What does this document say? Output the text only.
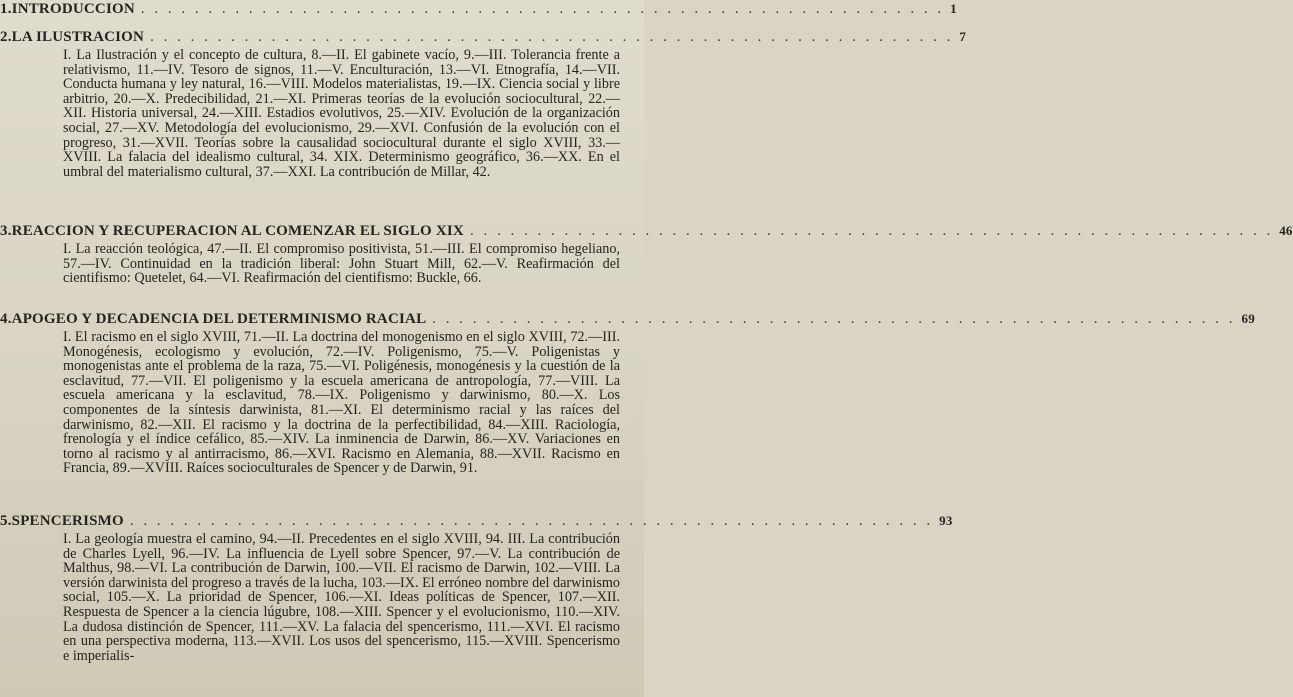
1. INTRODUCCION . . . . . . . . . . . . . . . . . . . . . . . . . . . . . . . . . . . . . . . . . . . . . . . . . . . . . . . . . . . . 1
2. LA ILUSTRACION . . . . . . . . . . . . . . . . . . . . . . . . . . . . . . . . . . . . . . . . . . . . . . . . . . . . . . . . . . . . 7
I. La Ilustración y el concepto de cultura, 8.—II. El gabinete vacío, 9.—III. Tolerancia frente a relativismo, 11.—IV. Tesoro de signos, 11.—V. Enculturación, 13.—VI. Etnografía, 14.—VII. Conducta humana y ley natural, 16.—VIII. Modelos materialistas, 19.—IX. Ciencia social y libre arbitrio, 20.—X. Predecibilidad, 21.—XI. Primeras teorías de la evolución sociocultural, 22.—XII. Historia universal, 24.—XIII. Estadios evolutivos, 25.—XIV. Evolución de la organización social, 27.—XV. Metodología del evolucionismo, 29.—XVI. Confusión de la evolución con el progreso, 31.—XVII. Teorías sobre la causalidad sociocultural durante el siglo XVIII, 33.—XVIII. La falacia del idealismo cultural, 34. XIX. Determinismo geográfico, 36.—XX. En el umbral del materialismo cultural, 37.—XXI. La contribución de Millar, 42.
3. REACCION Y RECUPERACION AL COMENZAR EL SIGLO XIX . . . . . . . . . . . . . . . . . . . . . . . . . . . . . . . . . . . . . . . . . . . . . . . . . . . . . . . . . . . . 46
I. La reacción teológica, 47.—II. El compromiso positivista, 51.—III. El compromiso hegeliano, 57.—IV. Continuidad en la tradición liberal: John Stuart Mill, 62.—V. Reafirmación del cientifismo: Quetelet, 64.—VI. Reafirmación del cientifismo: Buckle, 66.
4. APOGEO Y DECADENCIA DEL DETERMINISMO RACIAL . . . . . . . . . . . . . . . . . . . . . . . . . . . . . . . . . . . . . . . . . . . . . . . . . . . . . . . . . . . . 69
I. El racismo en el siglo XVIII, 71.—II. La doctrina del monogenismo en el siglo XVIII, 72.—III. Monogénesis, ecologismo y evolución, 72.—IV. Poligenismo, 75.—V. Poligenistas y monogenistas ante el problema de la raza, 75.—VI. Poligénesis, monogénesis y la cuestión de la esclavitud, 77.—VII. El poligenismo y la escuela americana de antropología, 77.—VIII. La escuela americana y la esclavitud, 78.—IX. Poligenismo y darwinismo, 80.—X. Los componentes de la síntesis darwinista, 81.—XI. El determinismo racial y las raíces del darwinismo, 82.—XII. El racismo y la doctrina de la perfectibilidad, 84.—XIII. Raciología, frenología y el índice cefálico, 85.—XIV. La inminencia de Darwin, 86.—XV. Variaciones en torno al racismo y al antirracismo, 86.—XVI. Racismo en Alemania, 88.—XVII. Racismo en Francia, 89.—XVIII. Raíces socioculturales de Spencer y de Darwin, 91.
5. SPENCERISMO . . . . . . . . . . . . . . . . . . . . . . . . . . . . . . . . . . . . . . . . . . . . . . . . . . . . . . . . . . . . 93
I. La geología muestra el camino, 94.—II. Precedentes en el siglo XVIII, 94. III. La contribución de Charles Lyell, 96.—IV. La influencia de Lyell sobre Spencer, 97.—V. La contribución de Malthus, 98.—VI. La contribución de Darwin, 100.—VII. El racismo de Darwin, 102.—VIII. La versión darwinista del progreso a través de la lucha, 103.—IX. El erróneo nombre del darwinismo social, 105.—X. La prioridad de Spencer, 106.—XI. Ideas políticas de Spencer, 107.—XII. Respuesta de Spencer a la ciencia lúgubre, 108.—XIII. Spencer y el evolucionismo, 110.—XIV. La dudosa distinción de Spencer, 111.—XV. La falacia del spencerismo, 111.—XVI. El racismo en una perspectiva moderna, 113.—XVII. Los usos del spencerismo, 115.—XVIII. Spencerismo e imperialis-
